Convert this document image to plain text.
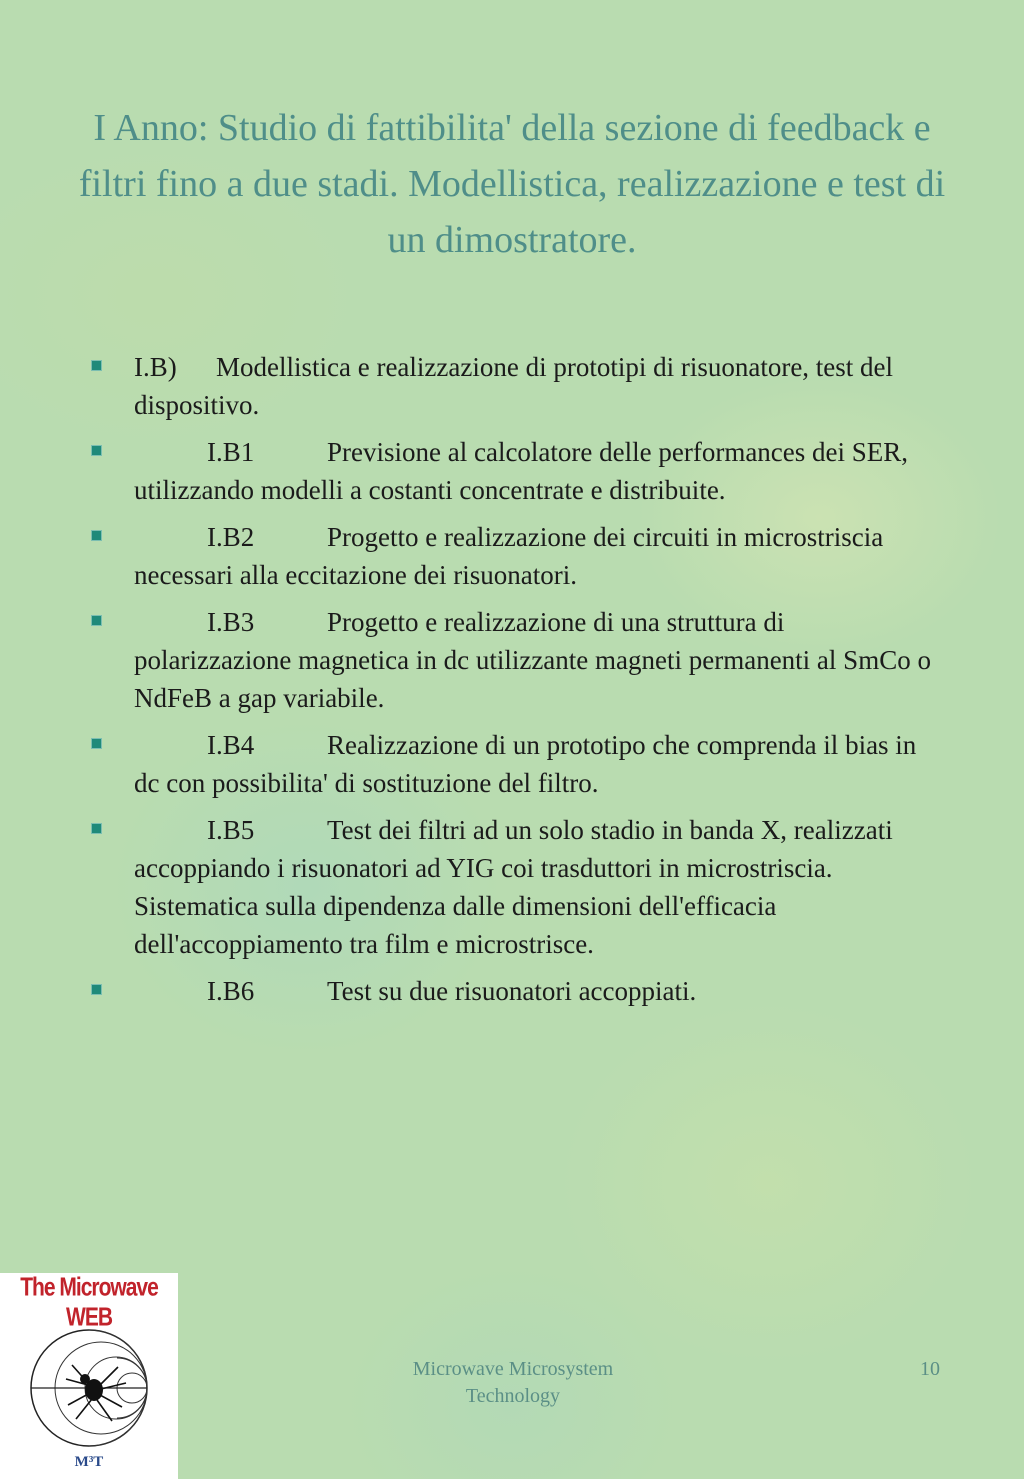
I Anno: Studio di fattibilita' della sezione di feedback e filtri fino a due stadi. Modellistica, realizzazione e test di un dimostratore.
I.B) Modellistica e realizzazione di prototipi di risuonatore, test del dispositivo.
I.B1	Previsione al calcolatore delle performances dei SER, utilizzando modelli a costanti concentrate e distribuite.
I.B2	Progetto e realizzazione dei circuiti in microstriscia necessari alla eccitazione dei risuonatori.
I.B3	Progetto e realizzazione di una struttura di polarizzazione magnetica in dc utilizzante magneti permanenti al SmCo o NdFeB a gap variabile.
I.B4	Realizzazione di un prototipo che comprenda il bias in dc con possibilita' di sostituzione del filtro.
I.B5	Test dei filtri ad un solo stadio in banda X, realizzati accoppiando i risuonatori ad YIG coi trasduttori in microstriscia. Sistematica sulla dipendenza dalle dimensioni dell'efficacia dell'accoppiamento tra film e microstrisce.
I.B6	Test su due risuonatori accoppiati.
The Microwave WEB
M³T
Microwave Microsystem
Technology
10
